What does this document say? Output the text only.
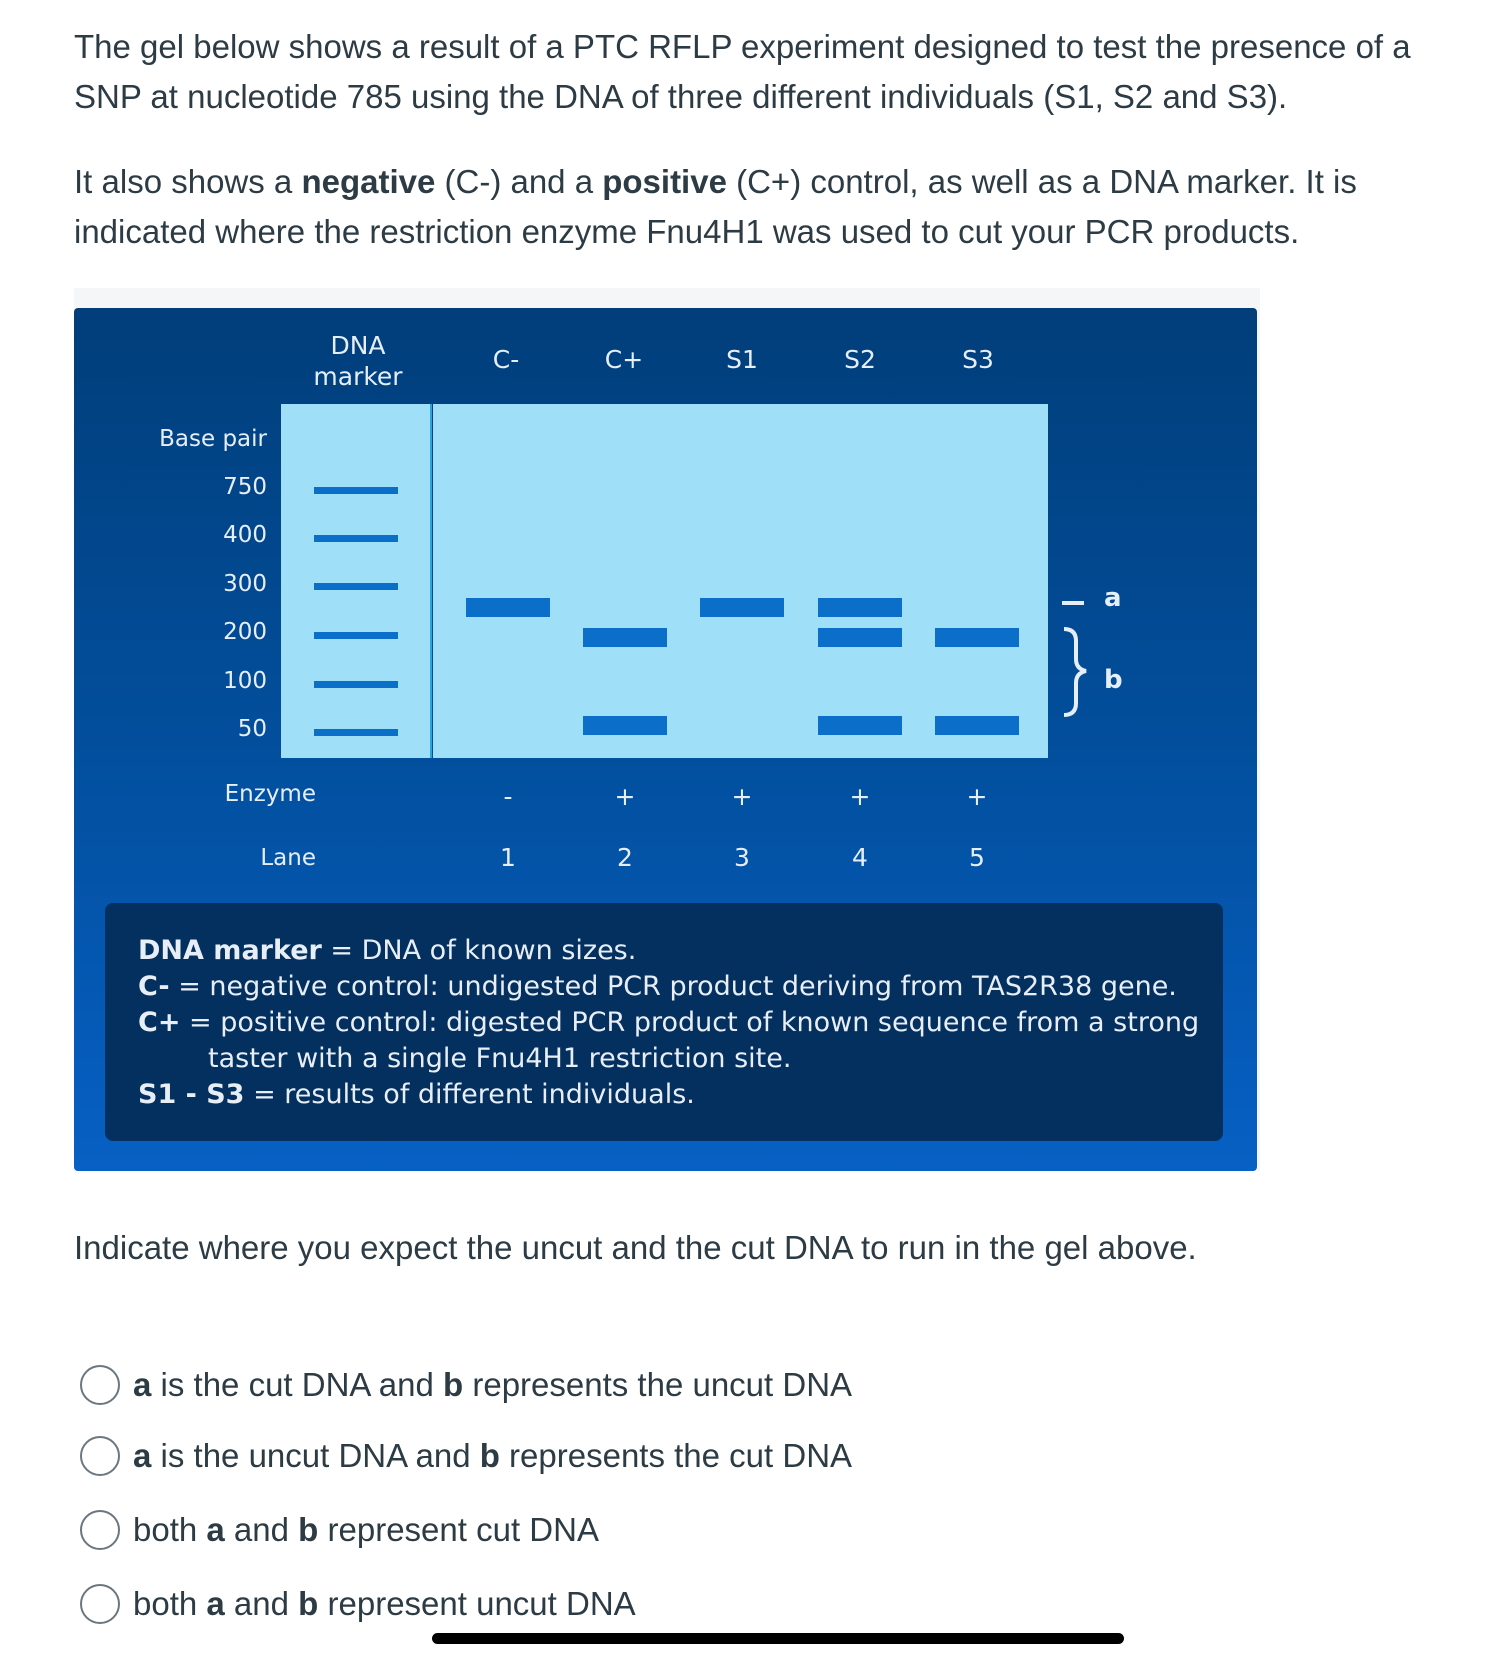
The gel below shows a result of a PTC RFLP experiment designed to test the presence of a SNP at nucleotide 785 using the DNA of three different individuals (S1, S2 and S3).

It also shows a negative (C-) and a positive (C+) control, as well as a DNA marker. It is indicated where the restriction enzyme Fnu4H1 was used to cut your PCR products.

DNA
marker
C-	C+	S1	S2	S3
Base pair
750
400
300
200
100
50
a
b
Enzyme	-	+	+	+	+
Lane	1	2	3	4	5
DNA marker = DNA of known sizes.
C- = negative control: undigested PCR product deriving from TAS2R38 gene.
C+ = positive control: digested PCR product of known sequence from a strong
taster with a single Fnu4H1 restriction site.
S1 - S3 = results of different individuals.

Indicate where you expect the uncut and the cut DNA to run in the gel above.

a is the cut DNA and b represents the uncut DNA
a is the uncut DNA and b represents the cut DNA
both a and b represent cut DNA
both a and b represent uncut DNA
